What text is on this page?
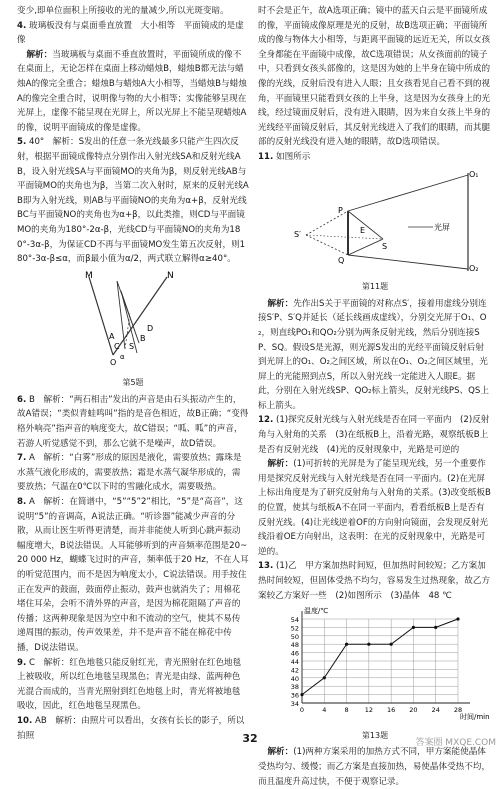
变少,即单位面积上所接收的光的量减少,所以光斑变暗。

4. 玻璃板没有与桌面垂直放置　大小相等　平面镜成的是虚像

解析：当玻璃板与桌面不垂直放置时，平面镜所成的像不在桌面上，无论怎样在桌面上移动蜡烛B，蜡烛B都无法与蜡烛A的像完全重合；蜡烛B与蜡烛A大小相等，当蜡烛B与蜡烛A的像完全重合时，说明像与物的大小相等；实像能够呈现在光屏上，虚像不能呈现在光屏上，所以光屏上不能呈现蜡烛A的像，说明平面镜成的像是虚像。

5. 40°　解析：S发出的任意一条光线最多只能产生四次反射，根据平面镜成像特点分别作出入射光线SA和反射光线AB，设入射光线SA与平面镜MO的夹角为β，则反射光线AB与平面镜MO的夹角也为β，当第二次入射时，原来的反射光线AB即为入射光线，则AB与平面镜NO的夹角为α+β，反射光线BC与平面镜NO的夹角也为α+β，以此类推，则CD与平面镜MO的夹角为180°-2α-β，光线CD与平面镜NO的夹角为180°-3α-β，为保证CD不再与平面镜MO发生第五次反射，则180°-3α-β≤α，而β最小值为α/2，两式联立解得α≥40°。

M	N
S
A	B
C
D
O
α
第5题

6. B　解析：“两石相击”发出的声音是由石头振动产生的，故A错误；“类似青蛙鸣叫”指的是音色相近，故B正确；“变得格外响亮”指声音的响度变大，故C错误；“呱、呱”的声音，若游人听觉感觉不到，那么它就不是噪声，故D错误。

7. A　解析：“白雾”形成的原因是液化，需要放热；露珠是水蒸气液化形成的，需要放热；霜是水蒸气凝华形成的，需要放热；气温在0℃以下时的雪融化成水，需要吸热。

8. A　解析：在简谱中，“5”“5”2”相比，“5”是“高音”，这说明“5”的音调高，A说法正确。“听诊器”能减少声音的分散，从而让医生听得更清楚，而并非能使人听到心跳声振动幅度增大，B说法错误。人耳能够听到的声音频率范围是20~20 000 Hz，蝴蝶飞过时的声音，频率低于20 Hz，不在人耳的听觉范围内，而不是因为响度太小，C说法错误。用手按住正在发声的鼓面，鼓面停止振动，鼓声也就消失了；用棉花堵住耳朵，会听不清外界的声音，是因为棉花阻隔了声音的传播；这两种现象是因为空中和不流动的空气，使其不易传递周围的振动，传声效果差，并不是声音不能在棉花中传播，D说法错误。

9. C　解析：红色地毯只能反射红光，青光照射在红色地毯上被吸收，所以红色地毯呈现黑色；青光是由绿、蓝两种色光混合而成的，当青光照射到红色地毯上时，青光将被地毯吸收，因此，红色地毯呈现黑色。

10. AB　解析：由照片可以看出，女孩有长长的影子，所以拍照

时不会是正午，故A选项正确；镜中的蓝天白云是平面镜所成的像，平面镜成像原理是光的反射，故B选项正确；平面镜所成的像与物体大小相等，与距离平面镜的远近无关，所以女孩全身都能在平面镜中成像，故C选项错误；从女孩面前的镜子中，只看到女孩头部像的，这是因为她的上半身在镜中所成的像的光线，反射后没有进入人眼；且女孩看见自己看不到的视角，平面镜里只能看到女孩的上半身，这是因为女孩身上的光线，经过镜面反射后，没有进入眼睛，因为来自女孩上半身的光线经平面镜反射后，其反射光线进入了我们的眼睛，而其腿部的反射光线没有进入她的眼睛，故D选项错误。

11. 如图所示

O₁
O₂
P
Q
S
S′	E	光屏
第11题

解析：先作出S关于平面镜的对称点S′，接着用虚线分别连接S′P、S′Q并延长（延长线画成虚线），分别交光屏于O₁、O₂，则直线PO₁和QO₂分别为两条反射光线，然后分别连接SP、SQ。假设S是光源，则光源S发出的光经平面镜反射后射到光屏上的O₁、O₂之间区域，所以在O₁、O₂之间区域里，光屏上的光能照到点S，所以入射光线一定能进入人眼E。据此，分别在入射光线SP、QO₂标上箭头，反射光线PS、QS上标上箭头。

12. (1)探究反射光线与入射光线是否在同一平面内　(2)反射角与入射角的关系　(3)在纸板B上，沿着光路，观察纸板B上是否有反射光线　(4)光的反射现象中，光路是可逆的

解析：(1)可折转的光屏是为了能呈现光线，另一个重要作用是探究反射光线与入射光线是否在同一平面内。(2)在光屏上标出角度是为了研究反射角与入射角的关系。(3)改变纸板B的位置，使其与纸板A不在同一平面内，看看纸板B上是否有反射光线。(4)让光线逆着OF的方向射向镜面，会发现反射光线沿着OE方向射出，这表明：在光的反射现象中，光路是可逆的。

13. (1)乙　甲方案加热时间短，但加热时间较短；乙方案加热时间较短，但固体受热不均匀，容易发生过热现象，故乙方案较乙方案好一些　(2)如图所示　(3)晶体　48 ℃

34
36
38
40
42
44
46
48
50
52
54
0	4	8 12 16 20 24 28
温度/℃
时间/min
第13题

解析：(1)两种方案采用的加热方式不同，甲方案能使晶体受热均匀、缓慢；而乙方案是直接加热，易使晶体受热不均，而且温度升高过快，不便于观察记录。

32	答案圈 MXQE.COM
